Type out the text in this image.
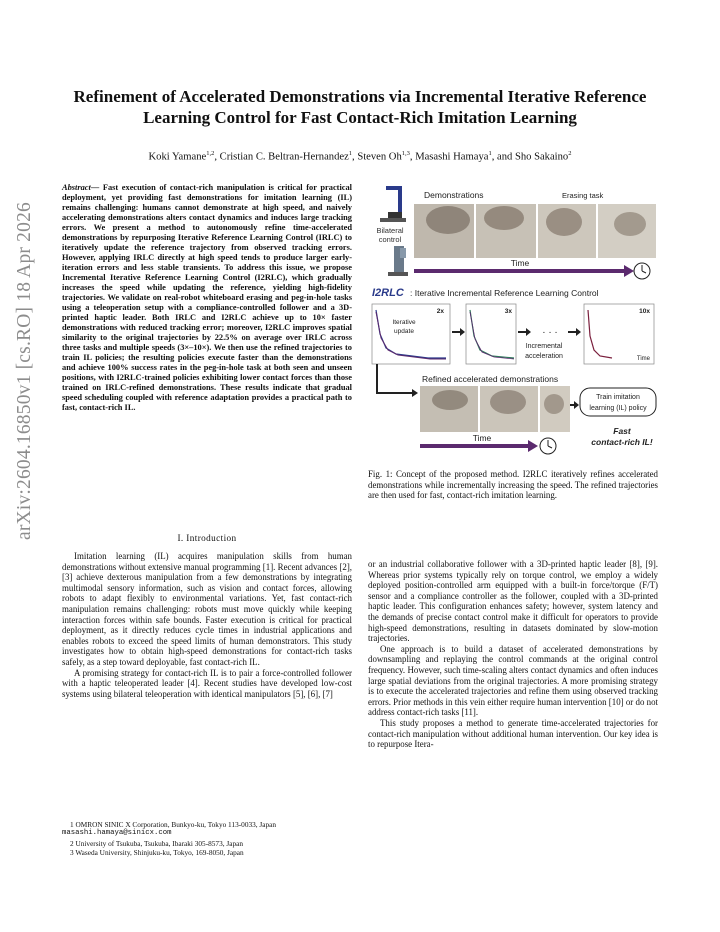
arXiv:2604.16850v1 [cs.RO] 18 Apr 2026
Refinement of Accelerated Demonstrations via Incremental Iterative Reference Learning Control for Fast Contact-Rich Imitation Learning
Koki Yamane$^{1,2}$, Cristian C. Beltran-Hernandez$^1$, Steven Oh$^{1,3}$, Masashi Hamaya$^1$, and Sho Sakaino$^2$
Abstract— Fast execution of contact-rich manipulation is critical for practical deployment, yet providing fast demonstrations for imitation learning (IL) remains challenging: humans cannot demonstrate at high speed, and naively accelerating demonstrations alters contact dynamics and induces large tracking errors. We present a method to autonomously refine time-accelerated demonstrations by repurposing Iterative Reference Learning Control (IRLC) to iteratively update the reference trajectory from observed tracking errors. However, applying IRLC directly at high speed tends to produce larger early-iteration errors and less stable transients. To address this issue, we propose Incremental Iterative Reference Learning Control (I2RLC), which gradually increases the speed while updating the reference, yielding high-fidelity trajectories. We validate on real-robot whiteboard erasing and peg-in-hole tasks using a teleoperation setup with a compliance-controlled follower and a 3D-printed haptic leader. Both IRLC and I2RLC achieve up to 10× faster demonstrations with reduced tracking error; moreover, I2RLC improves spatial similarity to the original trajectories by 22.5% on average over IRLC across three tasks and multiple speeds (3×–10×). We then use the refined trajectories to train IL policies; the resulting policies execute faster than the demonstrations and achieve 100% success rates in the peg-in-hole task at both seen and unseen positions, with I2RLC-trained policies exhibiting lower contact forces than those trained on IRLC-refined demonstrations. These results indicate that gradual speed scheduling coupled with reference adaptation provides a practical path to fast, contact-rich IL.
I. Introduction

Imitation learning (IL) acquires manipulation skills from human demonstrations without extensive manual programming [1]. Recent advances [2], [3] achieve dexterous manipulation from a few demonstrations by integrating multimodal sensory information, such as vision and contact forces, allowing robots to adapt flexibly to environmental variations. Yet, fast contact-rich manipulation remains challenging: robots must move quickly while keeping interaction forces within safe bounds. Faster execution is critical for practical deployment, as it directly reduces cycle times in industrial applications and enables robots to exceed the speed limits of human demonstrators. This study investigates how to obtain high-speed demonstrations for contact-rich tasks safely, as a step toward deployable, fast contact-rich IL.

A promising strategy for contact-rich IL is to pair a force-controlled follower with a haptic teleoperated leader [4]. Recent studies have developed low-cost systems using bilateral teleoperation with identical manipulators [5], [6], [7]

1 OMRON SINIC X Corporation, Bunkyo-ku, Tokyo 113-0033, Japan
masashi.hamaya@sinicx.com
2 University of Tsukuba, Tsukuba, Ibaraki 305-8573, Japan
3 Waseda University, Shinjuku-ku, Tokyo, 169-8050, Japan
Bilateral
control
Demonstrations	Erasing task
Time
I2RLC : Iterative Incremental Reference Learning Control
2x
Iterative
update
3x
· · ·
Incremental
acceleration
10x
Time
Refined accelerated demonstrations
Train imitation
learning (IL) policy
Fast
contact-rich IL!
Time
Fig. 1: Concept of the proposed method. I2RLC iteratively refines accelerated demonstrations while incrementally increasing the speed. The refined trajectories are then used for fast, contact-rich imitation learning.

or an industrial collaborative follower with a 3D-printed haptic leader [8], [9]. Whereas prior systems typically rely on torque control, we employ a widely deployed position-controlled arm equipped with a built-in force/torque (F/T) sensor and a compliance controller as the follower, coupled with a 3D-printed haptic leader. This configuration enhances safety; however, system latency and the demands of precise contact control make it difficult for operators to provide high-speed demonstrations, resulting in datasets dominated by slow-motion trajectories.

One approach is to build a dataset of accelerated demonstrations by downsampling and replaying the control commands at the original control frequency. However, such time-scaling alters contact dynamics and often induces large spatial deviations from the original trajectories. A more promising strategy is to execute the accelerated trajectories and refine them using observed tracking errors. Prior methods in this vein either require human intervention [10] or do not address contact-rich tasks [11].

This study proposes a method to generate time-accelerated trajectories for contact-rich manipulation without additional human intervention. Our key idea is to repurpose Itera-
